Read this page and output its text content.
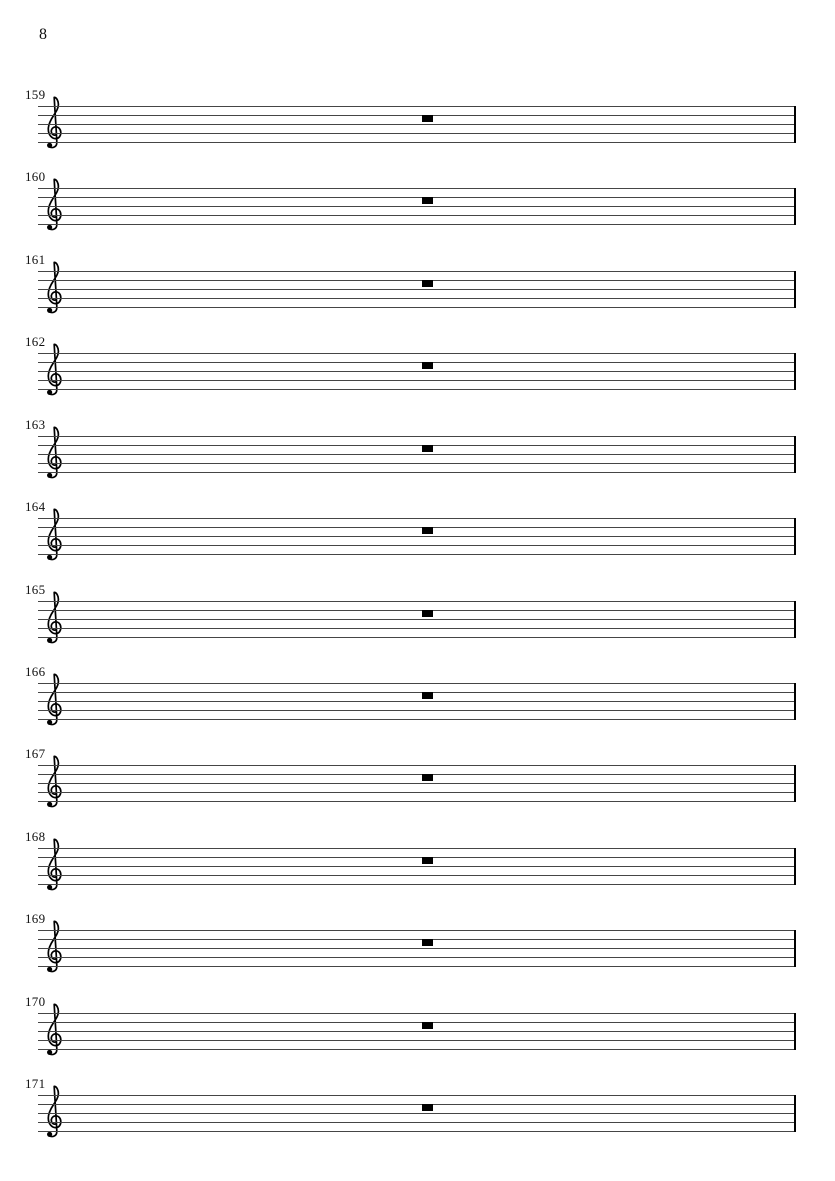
8
159
160
161
162
163
164
165
166
167
168
169
170
171
